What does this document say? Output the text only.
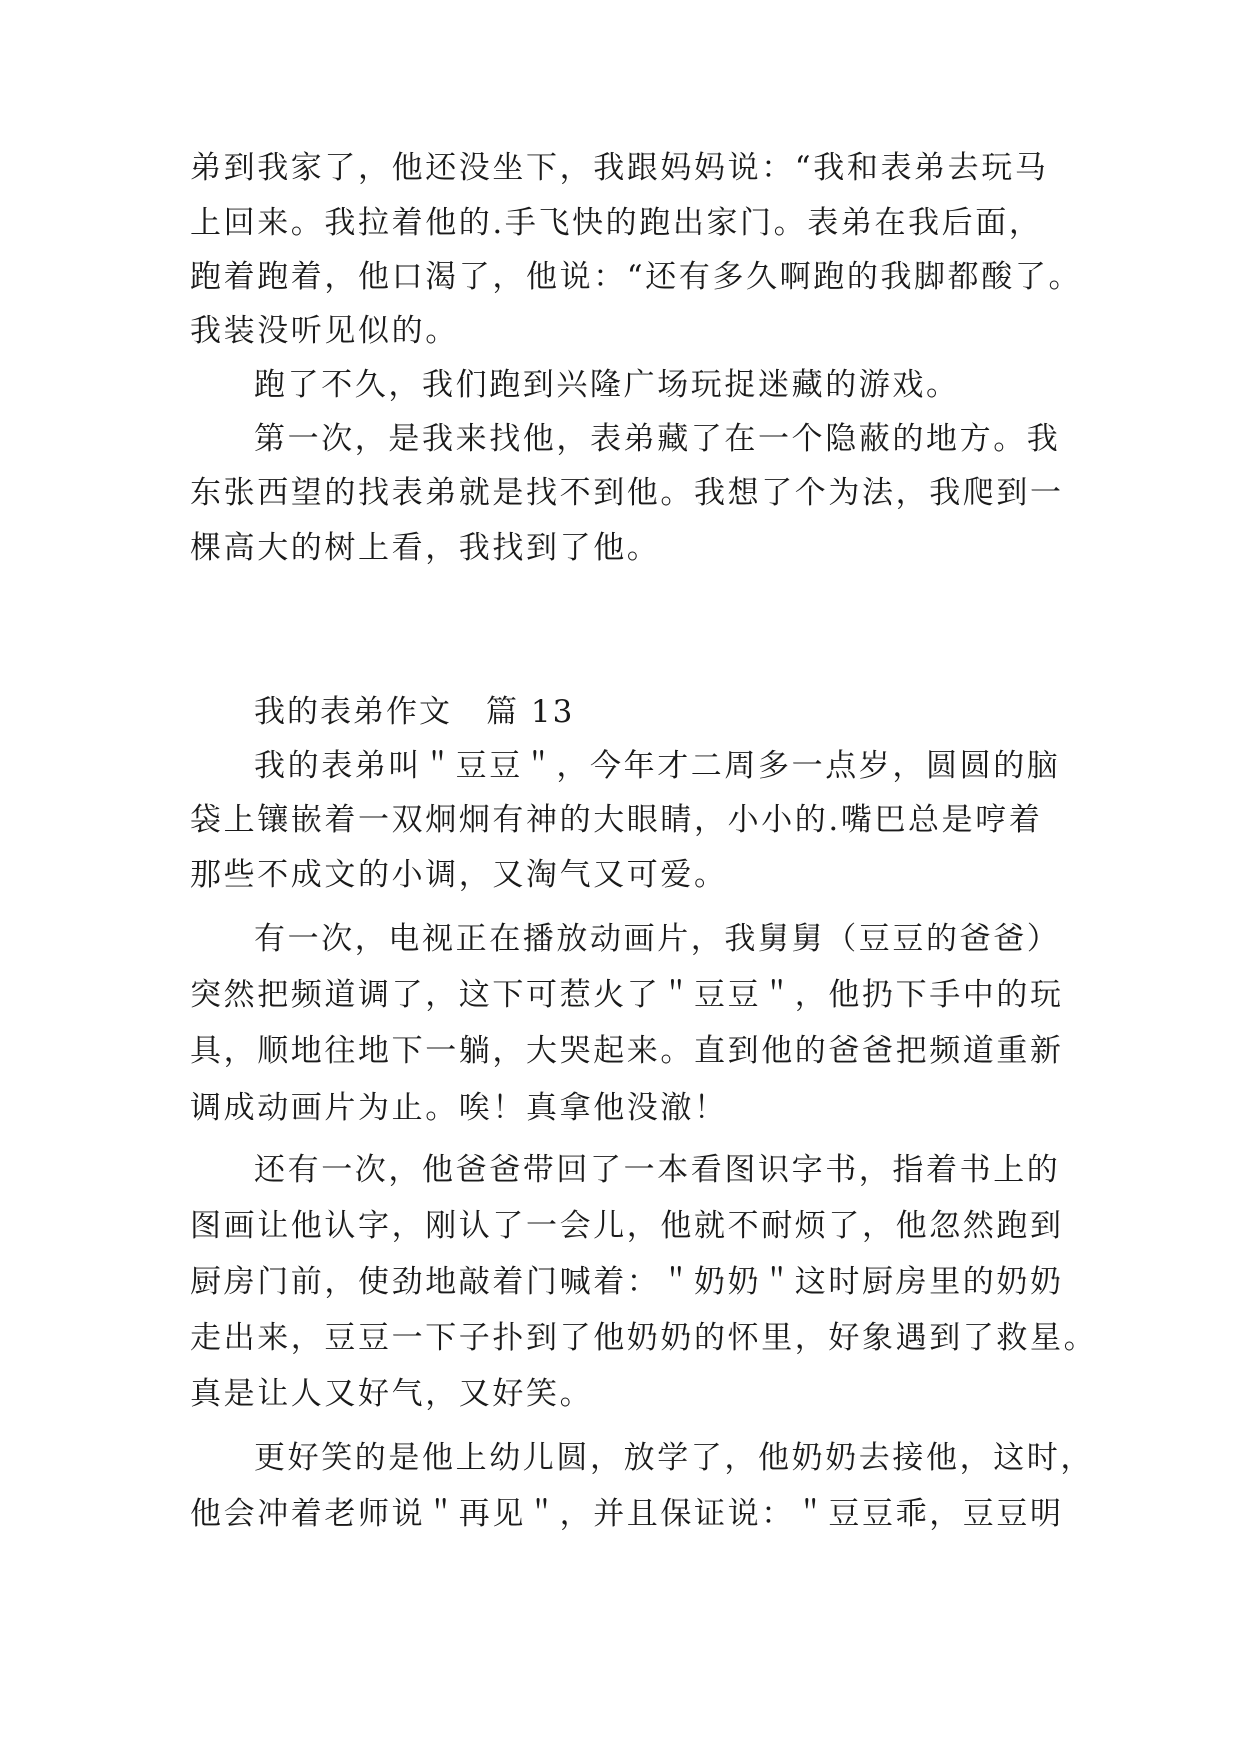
弟到我家了，他还没坐下，我跟妈妈说：“我和表弟去玩马
上回来。我拉着他的.手飞快的跑出家门。表弟在我后面，
跑着跑着，他口渴了，他说：“还有多久啊跑的我脚都酸了。
我装没听见似的。
跑了不久，我们跑到兴隆广场玩捉迷藏的游戏。
第一次，是我来找他，表弟藏了在一个隐蔽的地方。我
东张西望的找表弟就是找不到他。我想了个为法，我爬到一
棵高大的树上看，我找到了他。
我的表弟作文 篇 13
我的表弟叫＂豆豆＂，今年才二周多一点岁，圆圆的脑
袋上镶嵌着一双炯炯有神的大眼睛，小小的.嘴巴总是哼着
那些不成文的小调，又淘气又可爱。
有一次，电视正在播放动画片，我舅舅（豆豆的爸爸）
突然把频道调了，这下可惹火了＂豆豆＂，他扔下手中的玩
具，顺地往地下一躺，大哭起来。直到他的爸爸把频道重新
调成动画片为止。唉！真拿他没澈！
还有一次，他爸爸带回了一本看图识字书，指着书上的
图画让他认字，刚认了一会儿，他就不耐烦了，他忽然跑到
厨房门前，使劲地敲着门喊着：＂奶奶＂这时厨房里的奶奶
走出来，豆豆一下子扑到了他奶奶的怀里，好象遇到了救星。
真是让人又好气，又好笑。
更好笑的是他上幼儿圆，放学了，他奶奶去接他，这时，
他会冲着老师说＂再见＂，并且保证说：＂豆豆乖，豆豆明
